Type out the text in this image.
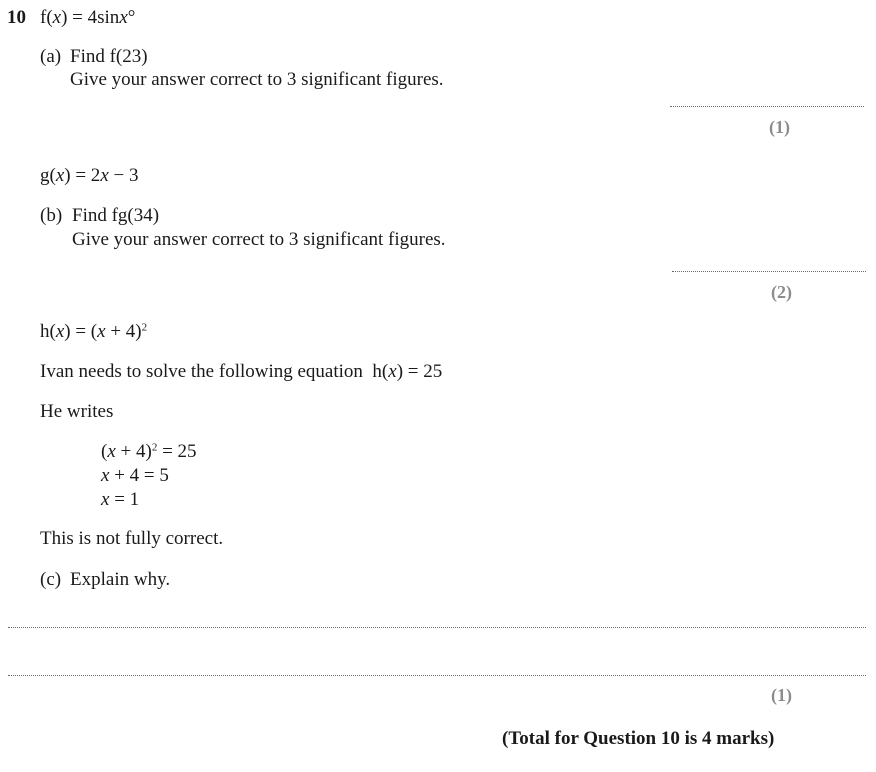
10 f(x) = 4sinx°
(a) Find f(23)
Give your answer correct to 3 significant figures.
(1)
g(x) = 2x − 3
(b) Find fg(34)
Give your answer correct to 3 significant figures.
(2)
$h(x) = (x + 4)^2$
Ivan needs to solve the following equation  h(x) = 25
He writes
$(x + 4)^2 = 25$
x + 4 = 5
x = 1
This is not fully correct.
(c) Explain why.
(1)
(Total for Question 10 is 4 marks)
